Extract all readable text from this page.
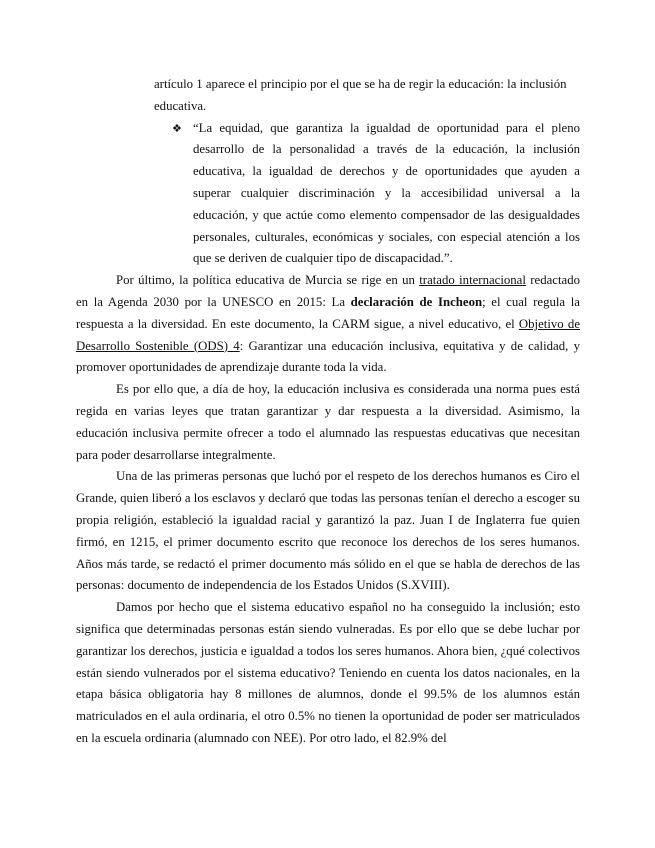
artículo 1 aparece el principio por el que se ha de regir la educación: la inclusión educativa.

❖ “La equidad, que garantiza la igualdad de oportunidad para el pleno desarrollo de la personalidad a través de la educación, la inclusión educativa, la igualdad de derechos y de oportunidades que ayuden a superar cualquier discriminación y la accesibilidad universal a la educación, y que actúe como elemento compensador de las desigualdades personales, culturales, económicas y sociales, con especial atención a los que se deriven de cualquier tipo de discapacidad.”.

Por último, la política educativa de Murcia se rige en un tratado internacional redactado en la Agenda 2030 por la UNESCO en 2015: La declaración de Incheon; el cual regula la respuesta a la diversidad. En este documento, la CARM sigue, a nivel educativo, el Objetivo de Desarrollo Sostenible (ODS) 4: Garantizar una educación inclusiva, equitativa y de calidad, y promover oportunidades de aprendizaje durante toda la vida.

Es por ello que, a día de hoy, la educación inclusiva es considerada una norma pues está regida en varias leyes que tratan garantizar y dar respuesta a la diversidad. Asimismo, la educación inclusiva permite ofrecer a todo el alumnado las respuestas educativas que necesitan para poder desarrollarse integralmente.

Una de las primeras personas que luchó por el respeto de los derechos humanos es Ciro el Grande, quien liberó a los esclavos y declaró que todas las personas tenían el derecho a escoger su propia religión, estableció la igualdad racial y garantizó la paz. Juan I de Inglaterra fue quien firmó, en 1215, el primer documento escrito que reconoce los derechos de los seres humanos. Años más tarde, se redactó el primer documento más sólido en el que se habla de derechos de las personas: documento de independencia de los Estados Unidos (S.XVIII).

Damos por hecho que el sistema educativo español no ha conseguido la inclusión; esto significa que determinadas personas están siendo vulneradas. Es por ello que se debe luchar por garantizar los derechos, justicia e igualdad a todos los seres humanos. Ahora bien, ¿qué colectivos están siendo vulnerados por el sistema educativo? Teniendo en cuenta los datos nacionales, en la etapa básica obligatoria hay 8 millones de alumnos, donde el 99.5% de los alumnos están matriculados en el aula ordinaria, el otro 0.5% no tienen la oportunidad de poder ser matriculados en la escuela ordinaria (alumnado con NEE). Por otro lado, el 82.9% del
